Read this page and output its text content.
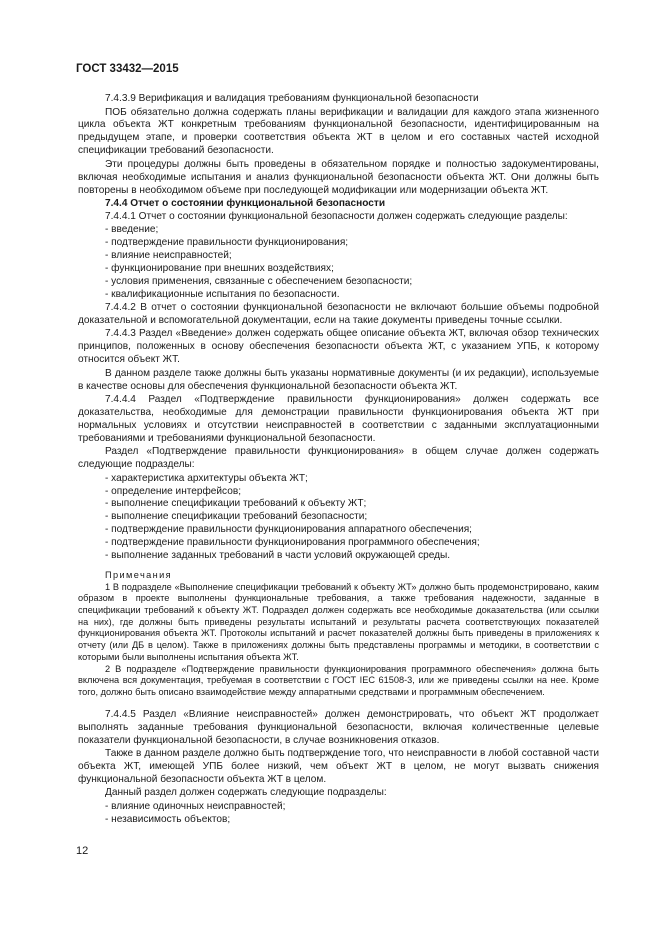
ГОСТ 33432—2015
7.4.3.9 Верификация и валидация требованиям функциональной безопасности
ПОБ обязательно должна содержать планы верификации и валидации для каждого этапа жизненного цикла объекта ЖТ конкретным требованиям функциональной безопасности, идентифицированным на предыдущем этапе, и проверки соответствия объекта ЖТ в целом и его составных частей исходной спецификации требований безопасности.
Эти процедуры должны быть проведены в обязательном порядке и полностью задокументированы, включая необходимые испытания и анализ функциональной безопасности объекта ЖТ. Они должны быть повторены в необходимом объеме при последующей модификации или модернизации объекта ЖТ.
7.4.4 Отчет о состоянии функциональной безопасности
7.4.4.1 Отчет о состоянии функциональной безопасности должен содержать следующие разделы:
- введение;
- подтверждение правильности функционирования;
- влияние неисправностей;
- функционирование при внешних воздействиях;
- условия применения, связанные с обеспечением безопасности;
- квалификационные испытания по безопасности.
7.4.4.2 В отчет о состоянии функциональной безопасности не включают большие объемы подробной доказательной и вспомогательной документации, если на такие документы приведены точные ссылки.
7.4.4.3 Раздел «Введение» должен содержать общее описание объекта ЖТ, включая обзор технических принципов, положенных в основу обеспечения безопасности объекта ЖТ, с указанием УПБ, к которому относится объект ЖТ.
В данном разделе также должны быть указаны нормативные документы (и их редакции), используемые в качестве основы для обеспечения функциональной безопасности объекта ЖТ.
7.4.4.4 Раздел «Подтверждение правильности функционирования» должен содержать все доказательства, необходимые для демонстрации правильности функционирования объекта ЖТ при нормальных условиях и отсутствии неисправностей в соответствии с заданными эксплуатационными требованиями и требованиями функциональной безопасности.
Раздел «Подтверждение правильности функционирования» в общем случае должен содержать следующие подразделы:
- характеристика архитектуры объекта ЖТ;
- определение интерфейсов;
- выполнение спецификации требований к объекту ЖТ;
- выполнение спецификации требований безопасности;
- подтверждение правильности функционирования аппаратного обеспечения;
- подтверждение правильности функционирования программного обеспечения;
- выполнение заданных требований в части условий окружающей среды.
Примечания
1 В подразделе «Выполнение спецификации требований к объекту ЖТ» должно быть продемонстрировано, каким образом в проекте выполнены функциональные требования, а также требования надежности, заданные в спецификации требований к объекту ЖТ. Подраздел должен содержать все необходимые доказательства (или ссылки на них), где должны быть приведены результаты испытаний и результаты расчета соответствующих показателей функционирования объекта ЖТ. Протоколы испытаний и расчет показателей должны быть приведены в приложениях к отчету (или ДБ в целом). Также в приложениях должны быть представлены программы и методики, в соответствии с которыми были выполнены испытания объекта ЖТ.
2 В подразделе «Подтверждение правильности функционирования программного обеспечения» должна быть включена вся документация, требуемая в соответствии с ГОСТ IEC 61508-3, или же приведены ссылки на нее. Кроме того, должно быть описано взаимодействие между аппаратными средствами и программным обеспечением.
7.4.4.5 Раздел «Влияние неисправностей» должен демонстрировать, что объект ЖТ продолжает выполнять заданные требования функциональной безопасности, включая количественные целевые показатели функциональной безопасности, в случае возникновения отказов.
Также в данном разделе должно быть подтверждение того, что неисправности в любой составной части объекта ЖТ, имеющей УПБ более низкий, чем объект ЖТ в целом, не могут вызвать снижения функциональной безопасности объекта ЖТ в целом.
Данный раздел должен содержать следующие подразделы:
- влияние одиночных неисправностей;
- независимость объектов;
12
